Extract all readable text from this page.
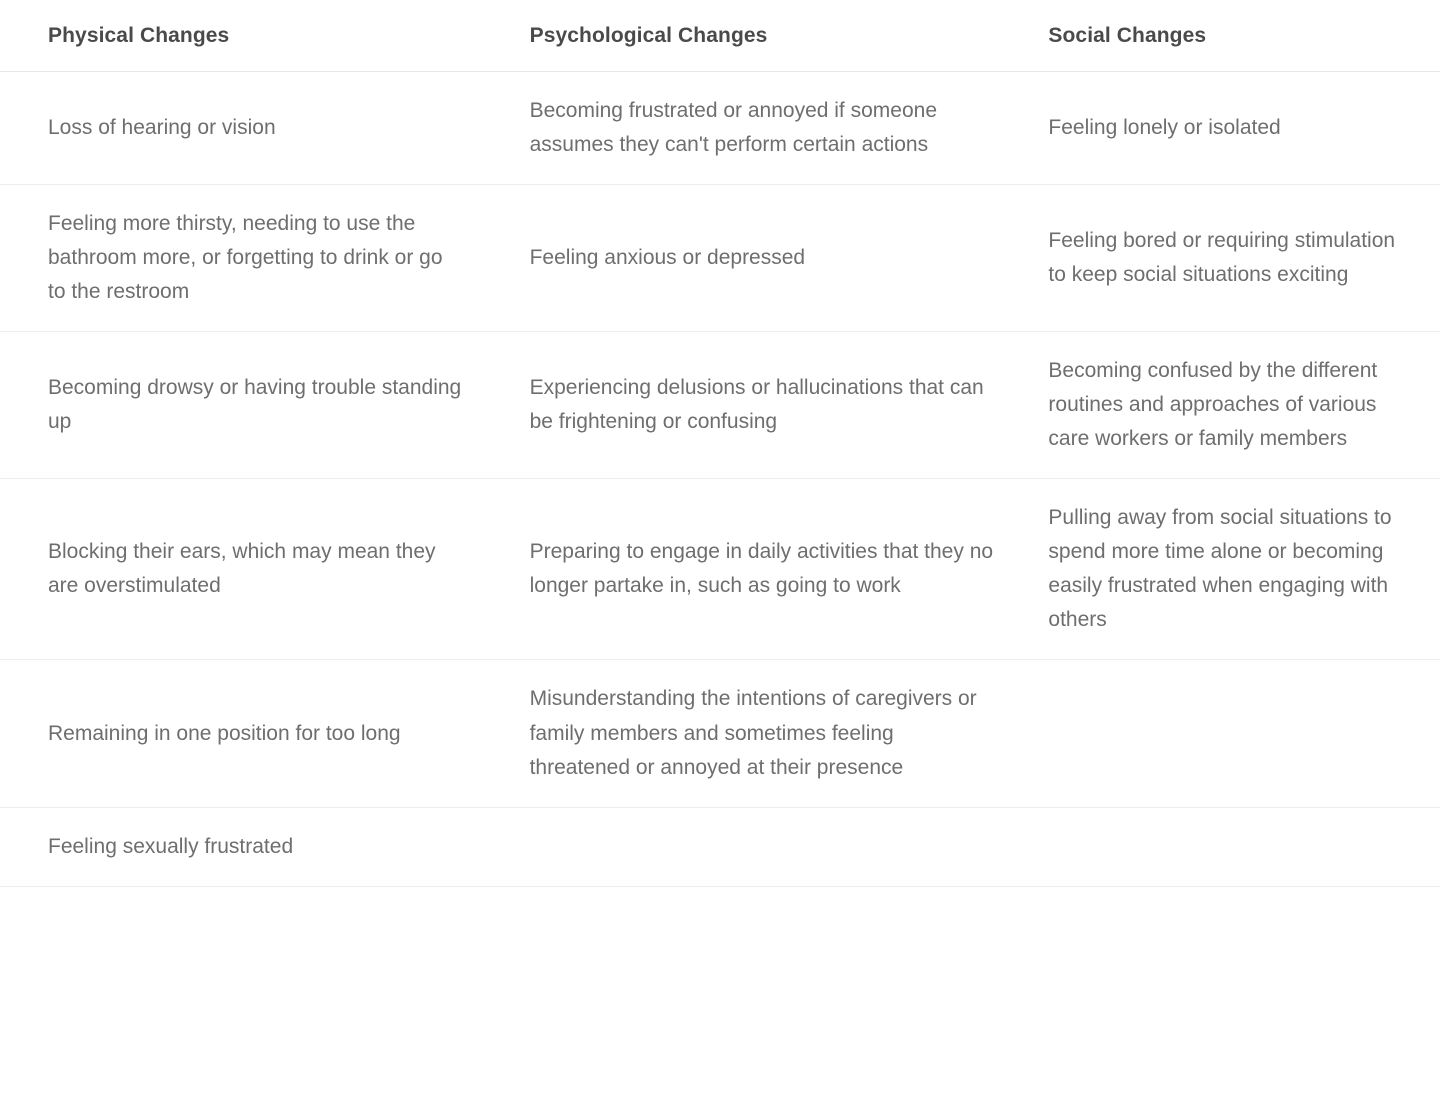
Physical Changes	Psychological Changes	Social Changes
Loss of hearing or vision	Becoming frustrated or annoyed if someone assumes they can't perform certain actions	Feeling lonely or isolated
Feeling more thirsty, needing to use the bathroom more, or forgetting to drink or go to the restroom	Feeling anxious or depressed	Feeling bored or requiring stimulation to keep social situations exciting
Becoming drowsy or having trouble standing up	Experiencing delusions or hallucinations that can be frightening or confusing	Becoming confused by the different routines and approaches of various care workers or family members
Blocking their ears, which may mean they are overstimulated	Preparing to engage in daily activities that they no longer partake in, such as going to work	Pulling away from social situations to spend more time alone or becoming easily frustrated when engaging with others
Remaining in one position for too long	Misunderstanding the intentions of caregivers or family members and sometimes feeling threatened or annoyed at their presence	
Feeling sexually frustrated		
